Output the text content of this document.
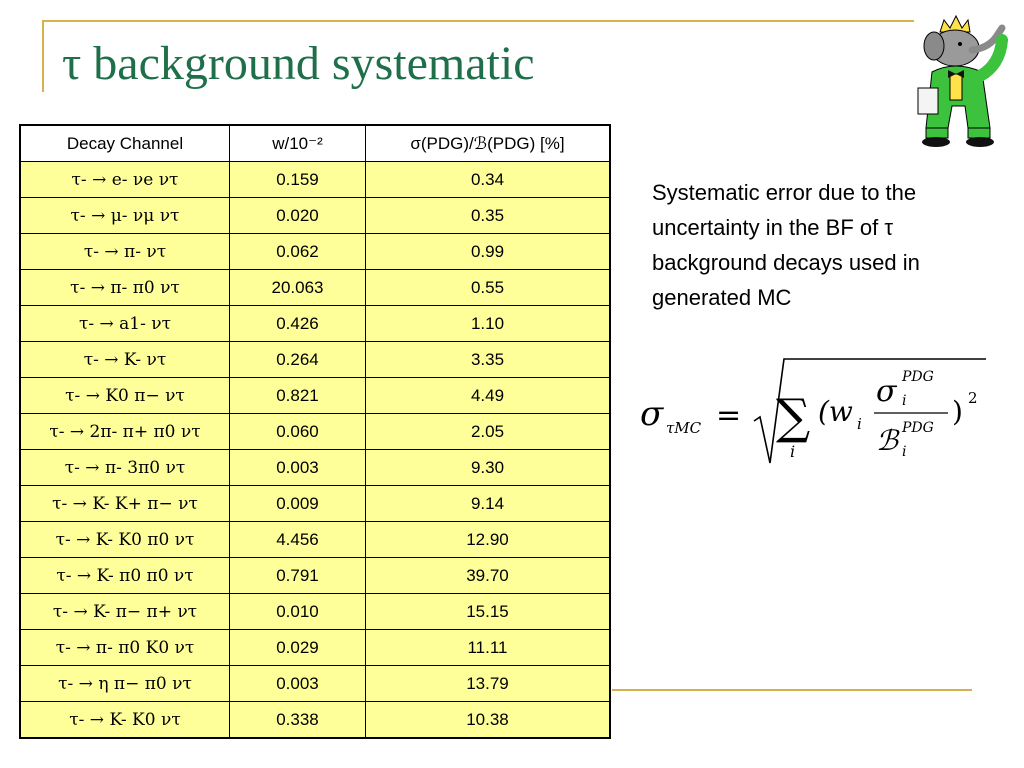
τ background systematic
Decay Channel	w/10⁻²	σ(PDG)/ℬ(PDG) [%]
τ- → e- νe ντ	0.159	0.34
τ- → μ- νμ ντ	0.020	0.35
τ- → π- ντ	0.062	0.99
τ- → π- π0 ντ	20.063	0.55
τ- → a1- ντ	0.426	1.10
τ- → K- ντ	0.264	3.35
τ- → K0 π− ντ	0.821	4.49
τ- → 2π- π+ π0 ντ	0.060	2.05
τ- → π- 3π0 ντ	0.003	9.30
τ- → K- K+ π− ντ	0.009	9.14
τ- → K- K0 π0 ντ	4.456	12.90
τ- → K- π0 π0 ντ	0.791	39.70
τ- → K- π− π+ ντ	0.010	15.15
τ- → π- π0 K0 ντ	0.029	11.11
τ- → η π− π0 ντ	0.003	13.79
τ- → K- K0 ντ	0.338	10.38
Systematic error due to the uncertainty in the BF of τ background decays used in generated MC
σ τMC = ∑
i
(w i
σ PDG
i
ℬ PDG
i
) 2
